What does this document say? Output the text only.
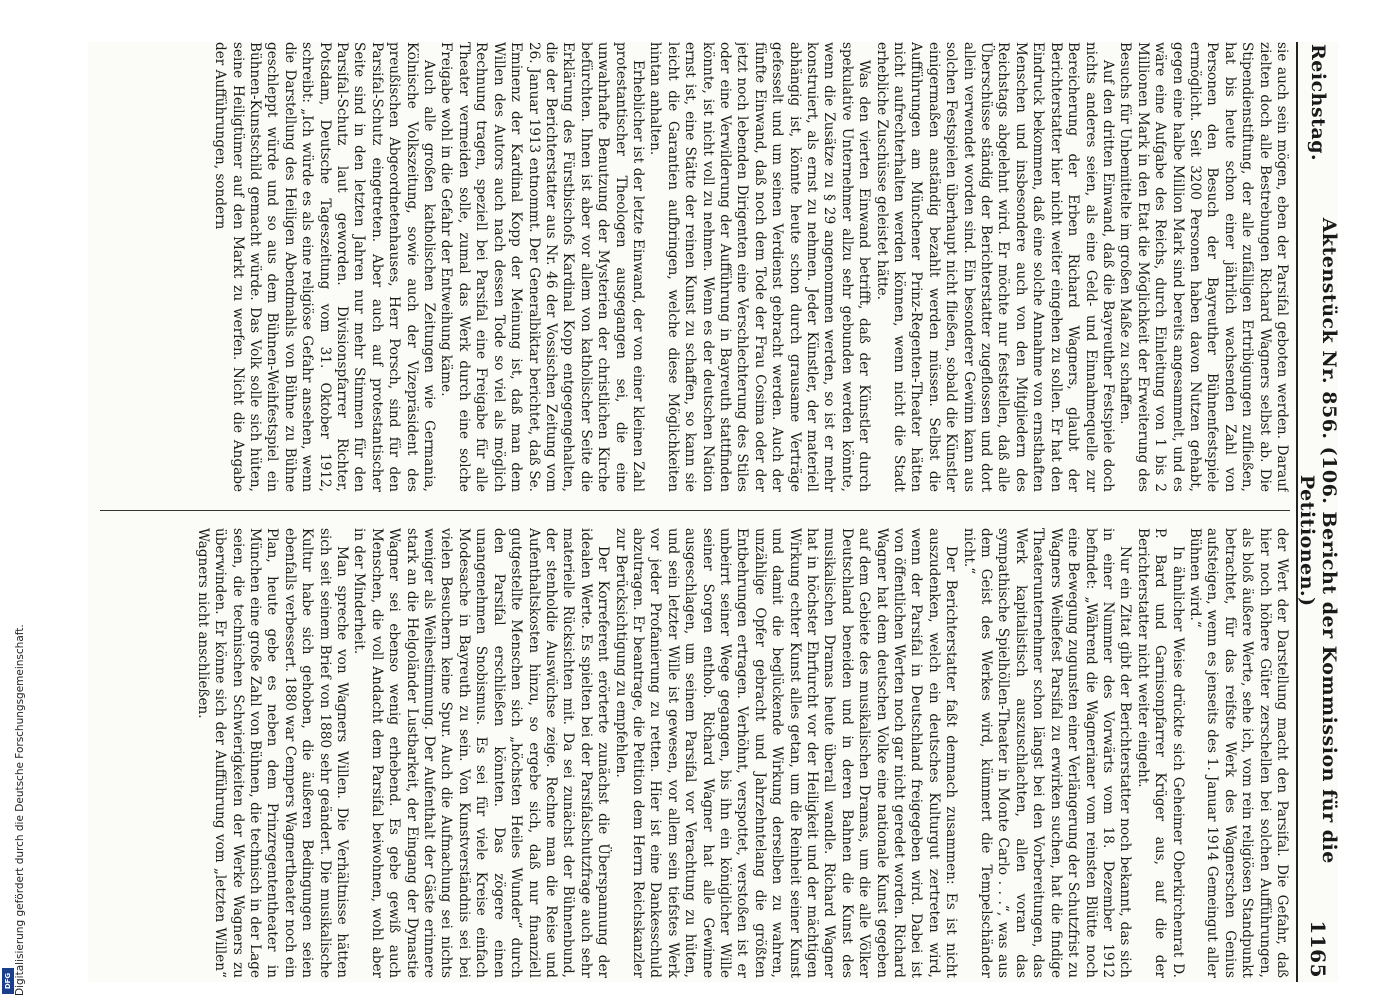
Reichstag.
Aktenstück Nr. 856. (106. Bericht der Kommission für die Petitionen.)
1165

sie auch sein mögen, eben der Parsifal geboten werden. Darauf zielten doch alle Bestrebungen Richard Wagners selbst ab. Die Stipendienstiftung, der alle zufälligen Ertribigungen zufließen, hat bis heute schon einer jährlich wachsenden Zahl von Personen den Besuch der Bayreuther Bühnenfestspiele ermöglicht. Seit 3200 Personen haben davon Nutzen gehabt, gegen eine halbe Million Mark sind bereits angesammelt, und es wäre eine Aufgabe des Reichs, durch Einleitung von 1 bis 2 Millionen Mark in den Etat die Möglichkeit der Erweiterung des Besuchs für Unbemittelte im großen Maße zu schaffen.

Auf den dritten Einwand, daß die Bayreuther Festspiele doch nichts anderes seien, als eine Geld- und Einnahmequelle zur Bereicherung der Erben Richard Wagners, glaubt der Berichterstatter hier nicht weiter eingehen zu sollen. Er hat den Eindruck bekommen, daß eine solche Annahme von ernsthaften Menschen und insbesondere auch von den Mitgliedern des Reichstags abgelehnt wird. Er möchte nur feststellen, daß alle Überschüsse ständig der Berichterstatter zugeflossen und dort allein verwendet worden sind. Ein besonderer Gewinn kann aus solchen Festspielen überhaupt nicht fließen, sobald die Künstler einigermaßen anständig bezahlt werden müssen. Selbst die Aufführungen am Münchener Prinz-Regenten-Theater hätten nicht aufrechterhalten werden können, wenn nicht die Stadt erhebliche Zuschüsse geleistet hätte.

Was den vierten Einwand betrifft, daß der Künstler durch spekulative Unternehmer allzu sehr gebunden werden könnte, wenn die Zusätze zu § 29 angenommen werden, so ist er mehr konstruiert, als ernst zu nehmen. Jeder Künstler, der materiell abhängig ist, könnte heute schon durch grausame Verträge gefesselt und um seinen Verdienst gebracht werden. Auch der fünfte Einwand, daß noch dem Tode der Frau Cosima oder der jetzt noch lebenden Dirigenten eine Verschlechterung des Stiles oder eine Verwilderung der Aufführung in Bayreuth stattfinden könnte, ist nicht voll zu nehmen. Wenn es der deutschen Nation ernst ist, eine Stätte der reinen Kunst zu schaffen, so kann sie leicht die Garantien aufbringen, welche diese Möglichkeiten hintan anhalten.

Erheblicher ist der letzte Einwand, der von einer kleinen Zahl protestantischer Theologen ausgegangen sei, die eine unwahrhafte Benutzung der Mysterien der christlichen Kirche befürchten. Ihnen ist aber vor allem von katholischer Seite die Erklärung des Fürstbischofs Kardinal Kopp entgegengehalten, die der Berichterstatter aus Nr. 46 der Vossischen Zeitung vom 26. Januar 1913 entnommt. Der Generalbiktar berichtet, daß Se. Eminenz der Kardinal Kopp der Meinung ist, daß man dem Willen des Autors auch nach dessen Tode so viel als möglich Rechnung tragen, speziell bei Parsifal eine Freigabe für alle Theater vermeiden solle, zumal das Werk durch eine solche Freigabe wohl in die Gefahr der Entweihung käme.

Auch alle großen katholischen Zeitungen wie Germania, Kölnische Volkszeitung, sowie auch der Vizepräsident des preußischen Abgeordnetenhauses, Herr Porsch, sind für den Parsifal-Schutz eingetreten. Aber auch auf protestantischer Seite sind in den letzten Jahren nur mehr Stimmen für den Parsifal-Schutz laut geworden. Divisionspfarrer Richter, Potsdam, Deutsche Tageszeitung vom 31. Oktober 1912, schreibt: „Ich würde es als eine religiöse Gefahr ansehen, wenn die Darstellung des Heiligen Abendmahls von Bühne zu Bühne geschleppt würde und so aus dem Bühnen-Weihfestspiel ein Bühnen-Kunstschild gemacht würde. Das Volk solle sich hüten, seine Heiligtümer auf den Markt zu werfen. Nicht die Angabe der Aufführungen, sondern

der Wert der Darstellung macht den Parsifal. Die Gefahr, daß hier noch höhere Güter zerschellen bei solchen Aufführungen, als bloß äußere Werte, sehe ich, vom rein religiösen Standpunkt betrachtet, für das reifste Werk des Wagnerschen Genius aufsteigen, wenn es jenseits des 1. Januar 1914 Gemeingut aller Bühnen wird.“

In ähnlicher Weise drückte sich Geheimer Oberkirchenrat D. P. Bard und Garnisonpfarrer Krüger aus, auf die der Berichterstatter nicht weiter eingeht.

Nur ein Zitat gibt der Berichterstatter noch bekannt, das sich in einer Nummer des Vorwärts vom 18. Dezember 1912 befindet: „Während die Wagnerianer vom reinsten Blütte noch eine Bewegung zugunsten einer Verlängerung der Schutzfrist zu Wagners Weihefest Parsifal zu erwirken suchen, hat die findige Theaterunternehmer schon längst bei den Vorbereitungen, das Werk kapitalistisch auszuschlachten, allen voran das sympathische Spielhöllen-Theater in Monte Carlo . . .“, was aus dem Geist des Werkes wird, kümmert die Tempelschänder nicht.“

Der Berichterstatter faßt demnach zusammen: Es ist nicht auszudenken, welch ein deutsches Kulturgut zertreten wird, wenn der Parsifal in Deutschland freigegeben wird. Dabei ist von öffentlichen Werten noch gar nicht geredet worden. Richard Wagner hat dem deutschen Volke eine nationale Kunst gegeben auf dem Gebiete des musikalischen Dramas, um die alle Völker Deutschland beneiden und in deren Bahnen die Kunst des musikalischen Dramas heute überall wandle. Richard Wagner hat in höchster Ehrfurcht vor der Heiligkeit und der mächtigen Wirkung echter Kunst alles getan, um die Reinheit seiner Kunst und damit die beglückende Wirkung derselben zu wahren, unzählige Opfer gebracht und Jahrzehntelang die größten Entbehrungen ertragen. Verhöhnt, verspottet, verstoßen ist er unbeirrt seiner Wege gegangen, bis ihn ein königlicher Wille seiner Sorgen enthob. Richard Wagner hat alle Gewinne ausgeschlagen, um seinem Parsifal vor Verachtung zu hüten, und sein letzter Wille ist gewesen, vor allem sein tiefstes Werk vor jeder Profanierung zu retten. Hier ist eine Dankesschuld abzutragen. Er beantrage, die Petition dem Herrn Reichskanzler zur Berücksichtigung zu empfehlen.

Der Korreferent erörterte zunächst die Überspannung der idealen Werte. Es spielten bei der Parsifalschutzfrage auch sehr materielle Rücksichten mit. Da sei zunächst der Bühnenbund, der stenholdie Auswüchse zeige. Rechne man die Reise und Aufenthaltskosten hinzu, so ergebe sich, daß nur finanziell gutgestellte Menschen sich „höchsten Heiles Wunder“ durch den Parsifal erschließen könnten. Das zögere einen unangenehmen Snobismus. Es sei für viele Kreise einfach Modesache in Bayreuth zu sein. Von Kunstverständnis sei bei vielen Besuchern keine Spur. Auch die Aufmachung sei nichts weniger als Weihestimmung. Der Aufenthalt der Gäste erinnere stark an die Helgoländer Lustbarkeit, der Eingang der Dynastie Wagner sei ebenso wenig erhebend. Es gebe gewiß auch Menschen, die voll Andacht dem Parsifal beiwohnen, wohl aber in der Minderheit.

Man spreche von Wagners Willen. Die Verhältnisse hätten sich seit seinem Brief von 1880 sehr geändert. Die musikalische Kultur habe sich gehoben, die äußeren Bedingungen seien ebenfalls verbessert. 1880 war Cempers Wagnertheater noch ein Plan, heute gebe es neben dem Prinzregententheater in München eine große Zahl von Bühnen, die technisch in der Lage seien, die technischen Schwierigkeiten der Werke Wagners zu überwinden. Er könne sich der Aufführung vom „letzten Willen“ Wagners nicht anschließen.

Digitalisierung gefördert durch die Deutsche Forschungsgemeinschaft.
DFG
